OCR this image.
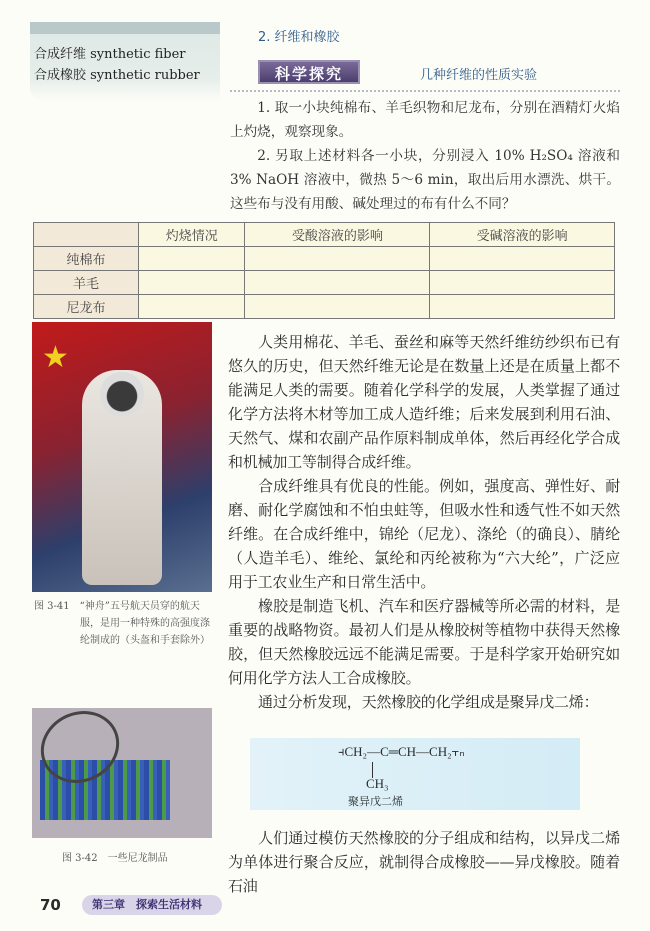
合成纤维 synthetic fiber
合成橡胶 synthetic rubber
2. 纤维和橡胶
科学探究	几种纤维的性质实验

1. 取一小块纯棉布、羊毛织物和尼龙布，分别在酒精灯火焰上灼烧，观察现象。

2. 另取上述材料各一小块，分别浸入 10% H₂SO₄ 溶液和 3% NaOH 溶液中，微热 5～6 min，取出后用水漂洗、烘干。这些布与没有用酸、碱处理过的布有什么不同？

	灼烧情况	受酸溶液的影响	受碱溶液的影响
纯棉布			
羊毛			
尼龙布			
★
图 3-41　“神舟”五号航天员穿的航天服，是用一种特殊的高强度涤纶制成的（头盔和手套除外）
图 3-42　一些尼龙制品

人类用棉花、羊毛、蚕丝和麻等天然纤维纺纱织布已有悠久的历史，但天然纤维无论是在数量上还是在质量上都不能满足人类的需要。随着化学科学的发展，人类掌握了通过化学方法将木材等加工成人造纤维；后来发展到利用石油、天然气、煤和农副产品作原料制成单体，然后再经化学合成和机械加工等制得合成纤维。

合成纤维具有优良的性能。例如，强度高、弹性好、耐磨、耐化学腐蚀和不怕虫蛀等，但吸水性和透气性不如天然纤维。在合成纤维中，锦纶（尼龙）、涤纶（的确良）、腈纶（人造羊毛）、维纶、氯纶和丙纶被称为“六大纶”，广泛应用于工农业生产和日常生活中。

橡胶是制造飞机、汽车和医疗器械等所必需的材料，是重要的战略物资。最初人们是从橡胶树等植物中获得天然橡胶，但天然橡胶远远不能满足需要。于是科学家开始研究如何用化学方法人工合成橡胶。

通过分析发现，天然橡胶的化学组成是聚异戊二烯：

⫞CH₂—C═CH—CH₂⫟ₙ
CH₃
聚异戊二烯

人们通过模仿天然橡胶的分子组成和结构，以异戊二烯为单体进行聚合反应，就制得合成橡胶——异戊橡胶。随着石油

70	第三章　探索生活材料
